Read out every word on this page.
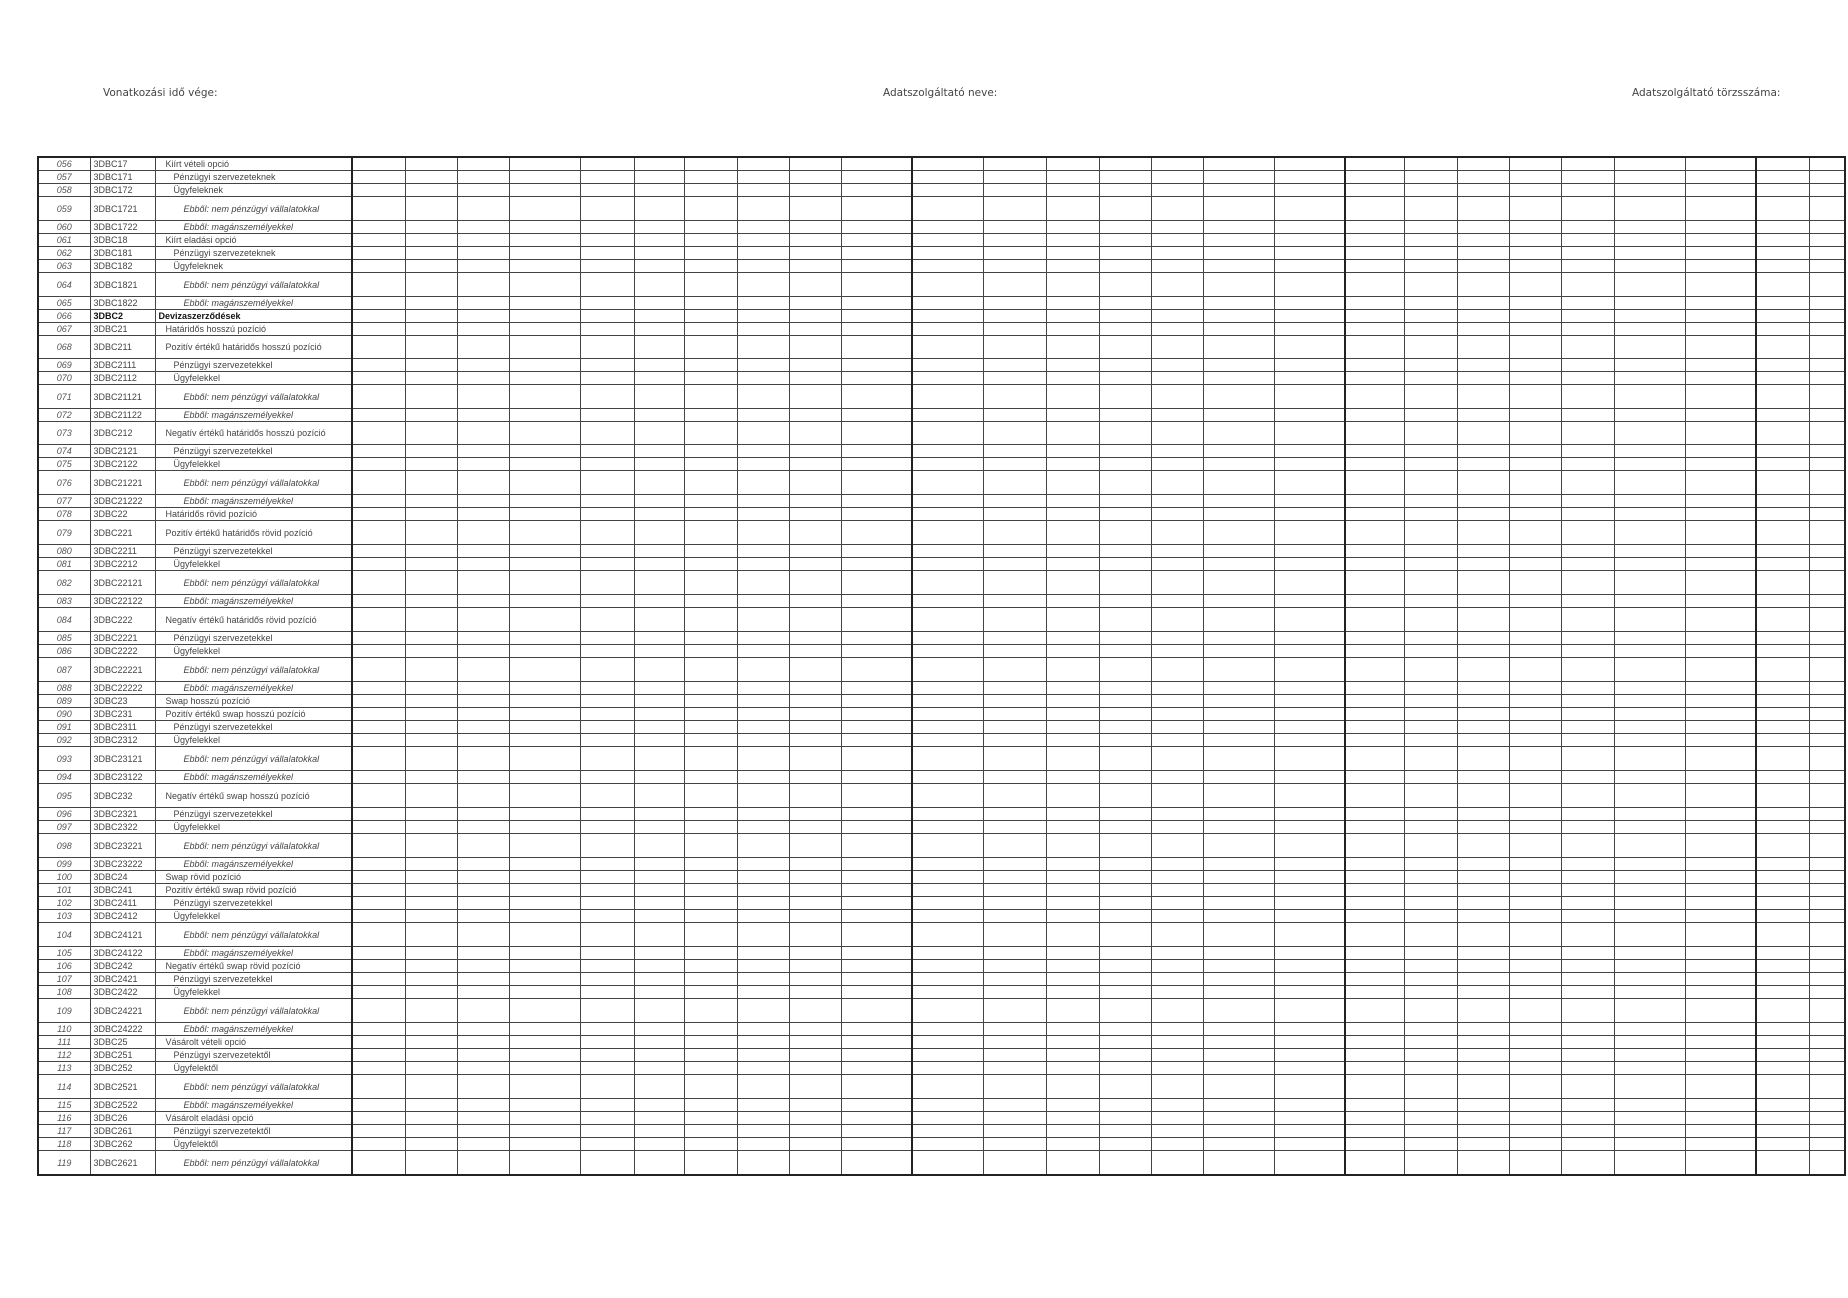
Vonatkozási idő vége:	Adatszolgáltató neve:	Adatszolgáltató törzsszáma:
056	3DBC17	Kiírt vételi opció																										
057	3DBC171	Pénzügyi szervezeteknek																										
058	3DBC172	Ügyfeleknek																										
059	3DBC1721	Ebből: nem pénzügyi vállalatokkal																										
060	3DBC1722	Ebből: magánszemélyekkel																										
061	3DBC18	Kiírt eladási opció																										
062	3DBC181	Pénzügyi szervezeteknek																										
063	3DBC182	Ügyfeleknek																										
064	3DBC1821	Ebből: nem pénzügyi vállalatokkal																										
065	3DBC1822	Ebből: magánszemélyekkel																										
066	3DBC2	Devizaszerződések																										
067	3DBC21	Határidős hosszú pozíció																										
068	3DBC211	Pozitív értékű határidős hosszú pozíció																										
069	3DBC2111	Pénzügyi szervezetekkel																										
070	3DBC2112	Ügyfelekkel																										
071	3DBC21121	Ebből: nem pénzügyi vállalatokkal																										
072	3DBC21122	Ebből: magánszemélyekkel																										
073	3DBC212	Negatív értékű határidős hosszú pozíció																										
074	3DBC2121	Pénzügyi szervezetekkel																										
075	3DBC2122	Ügyfelekkel																										
076	3DBC21221	Ebből: nem pénzügyi vállalatokkal																										
077	3DBC21222	Ebből: magánszemélyekkel																										
078	3DBC22	Határidős rövid pozíció																										
079	3DBC221	Pozitív értékű határidős rövid pozíció																										
080	3DBC2211	Pénzügyi szervezetekkel																										
081	3DBC2212	Ügyfelekkel																										
082	3DBC22121	Ebből: nem pénzügyi vállalatokkal																										
083	3DBC22122	Ebből: magánszemélyekkel																										
084	3DBC222	Negatív értékű határidős rövid pozíció																										
085	3DBC2221	Pénzügyi szervezetekkel																										
086	3DBC2222	Ügyfelekkel																										
087	3DBC22221	Ebből: nem pénzügyi vállalatokkal																										
088	3DBC22222	Ebből: magánszemélyekkel																										
089	3DBC23	Swap hosszú pozíció																										
090	3DBC231	Pozitív értékű swap hosszú pozíció																										
091	3DBC2311	Pénzügyi szervezetekkel																										
092	3DBC2312	Ügyfelekkel																										
093	3DBC23121	Ebből: nem pénzügyi vállalatokkal																										
094	3DBC23122	Ebből: magánszemélyekkel																										
095	3DBC232	Negatív értékű swap hosszú pozíció																										
096	3DBC2321	Pénzügyi szervezetekkel																										
097	3DBC2322	Ügyfelekkel																										
098	3DBC23221	Ebből: nem pénzügyi vállalatokkal																										
099	3DBC23222	Ebből: magánszemélyekkel																										
100	3DBC24	Swap rövid pozíció																										
101	3DBC241	Pozitív értékű swap rövid pozíció																										
102	3DBC2411	Pénzügyi szervezetekkel																										
103	3DBC2412	Ügyfelekkel																										
104	3DBC24121	Ebből: nem pénzügyi vállalatokkal																										
105	3DBC24122	Ebből: magánszemélyekkel																										
106	3DBC242	Negatív értékű swap rövid pozíció																										
107	3DBC2421	Pénzügyi szervezetekkel																										
108	3DBC2422	Ügyfelekkel																										
109	3DBC24221	Ebből: nem pénzügyi vállalatokkal																										
110	3DBC24222	Ebből: magánszemélyekkel																										
111	3DBC25	Vásárolt vételi opció																										
112	3DBC251	Pénzügyi szervezetektől																										
113	3DBC252	Ügyfelektől																										
114	3DBC2521	Ebből: nem pénzügyi vállalatokkal																										
115	3DBC2522	Ebből: magánszemélyekkel																										
116	3DBC26	Vásárolt eladási opció																										
117	3DBC261	Pénzügyi szervezetektől																										
118	3DBC262	Ügyfelektől																										
119	3DBC2621	Ebből: nem pénzügyi vállalatokkal																										
